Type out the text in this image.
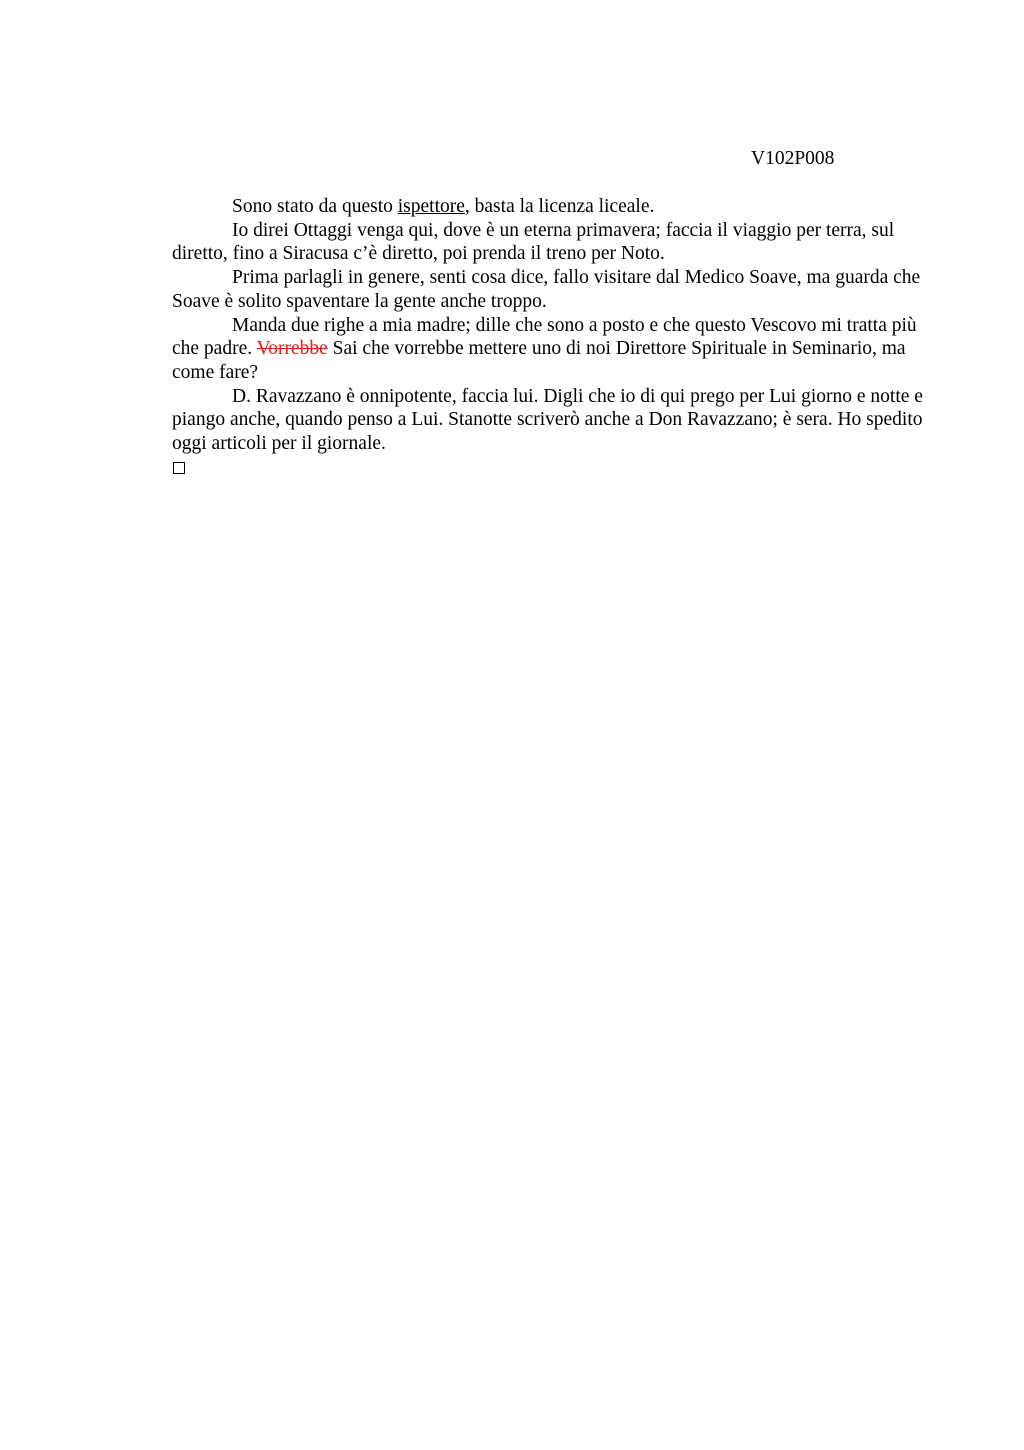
V102P008

Sono stato da questo ispettore, basta la licenza liceale.

Io direi Ottaggi venga qui, dove è un eterna primavera; faccia il viaggio per terra, sul diretto, fino a Siracusa c’è diretto, poi prenda il treno per Noto.

Prima parlagli in genere, senti cosa dice, fallo visitare dal Medico Soave, ma guarda che Soave è solito spaventare la gente anche troppo.

Manda due righe a mia madre; dille che sono a posto e che questo Vescovo mi tratta più che padre. Vorrebbe Sai che vorrebbe mettere uno di noi Direttore Spirituale in Seminario, ma come fare?

D. Ravazzano è onnipotente, faccia lui. Digli che io di qui prego per Lui giorno e notte e piango anche, quando penso a Lui. Stanotte scriverò anche a Don Ravazzano; è sera. Ho spedito oggi articoli per il giornale.
